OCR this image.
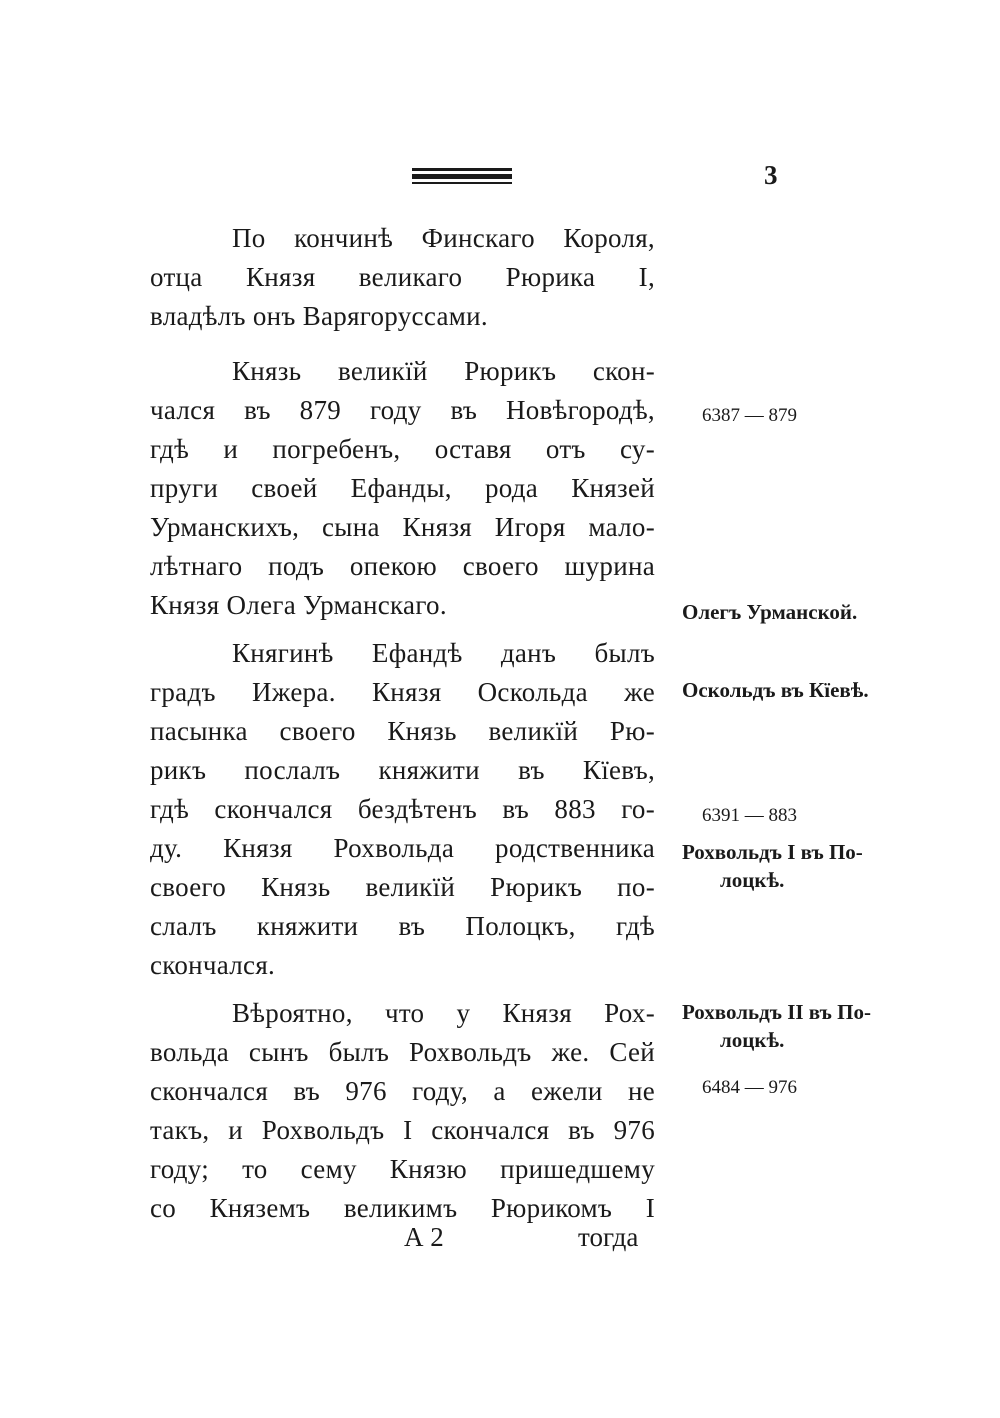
3
По кончинѣ Финскаго Короля,
отца Князя великаго Рюрика I,
владѣлъ онъ Варягоруссами.
Князь великїй Рюрикъ скон-
чался въ 879 году въ Новѣгородѣ,
гдѣ и погребенъ, оставя отъ су-
пруги своей Ефанды, рода Князей
Урманскихъ, сына Князя Игоря мало-
лѣтнаго подъ опекою своего шурина
Князя Олега Урманскаго.
Княгинѣ Ефандѣ данъ былъ
градъ Ижера. Князя Оскольда же
пасынка своего Князь великїй Рю-
рикъ послалъ княжити въ Кїевъ,
гдѣ скончался бездѣтенъ въ 883 го-
ду. Князя Рохвольда родственника
своего Князь великїй Рюрикъ по-
слалъ княжити въ Полоцкъ, гдѣ
скончался.
Вѣроятно, что у Князя Рох-
вольда сынъ былъ Рохвольдъ же. Сей
скончался въ 976 году, а ежели не
такъ, и Рохвольдъ I скончался въ 976
году; то сему Князю пришедшему
со Княземъ великимъ Рюрикомъ I
6387 — 879
Олегъ Урманской.
Оскольдъ въ Кїевѣ.
6391 — 883
Рохвольдъ I въ По-
лоцкѣ.
Рохвольдъ II въ По-
лоцкѣ.
6484 — 976
А 2	тогда
